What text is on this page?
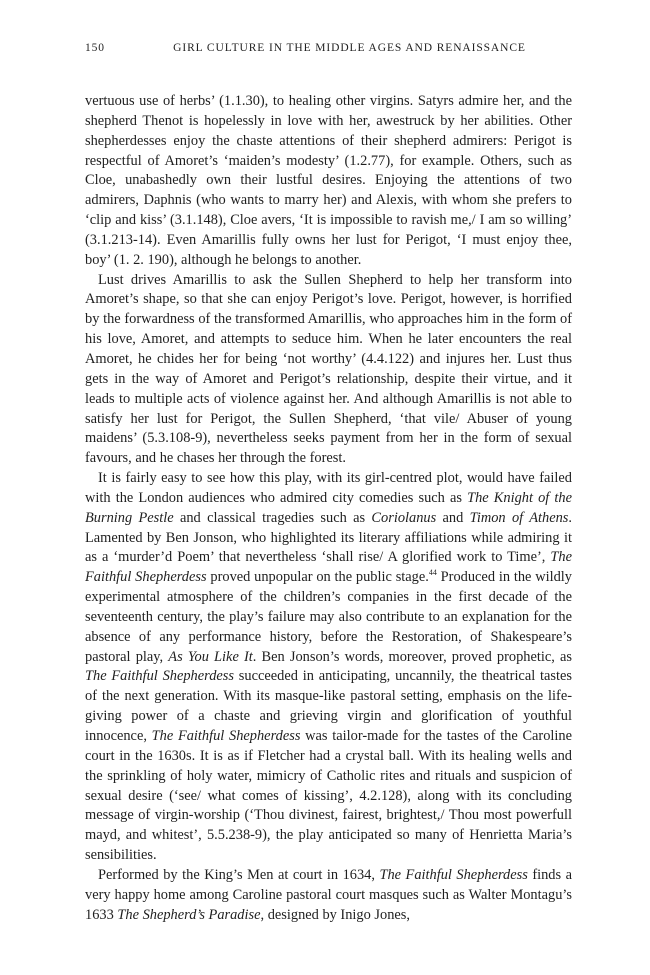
150	GIRL CULTURE IN THE MIDDLE AGES AND RENAISSANCE

vertuous use of herbs’ (1.1.30), to healing other virgins. Satyrs admire her, and the shepherd Thenot is hopelessly in love with her, awestruck by her abilities. Other shepherdesses enjoy the chaste attentions of their shepherd admirers: Perigot is respectful of Amoret’s ‘maiden’s modesty’ (1.2.77), for example. Others, such as Cloe, unabashedly own their lustful desires. Enjoying the attentions of two admirers, Daphnis (who wants to marry her) and Alexis, with whom she prefers to ‘clip and kiss’ (3.1.148), Cloe avers, ‘It is impossible to ravish me,/ I am so willing’ (3.1.213-14). Even Amarillis fully owns her lust for Perigot, ‘I must enjoy thee, boy’ (1. 2. 190), although he belongs to another.

Lust drives Amarillis to ask the Sullen Shepherd to help her transform into Amoret’s shape, so that she can enjoy Perigot’s love. Perigot, however, is horrified by the forwardness of the transformed Amarillis, who approaches him in the form of his love, Amoret, and attempts to seduce him. When he later encounters the real Amoret, he chides her for being ‘not worthy’ (4.4.122) and injures her. Lust thus gets in the way of Amoret and Perigot’s relationship, despite their virtue, and it leads to multiple acts of violence against her. And although Amarillis is not able to satisfy her lust for Perigot, the Sullen Shepherd, ‘that vile/ Abuser of young maidens’ (5.3.108-9), nevertheless seeks payment from her in the form of sexual favours, and he chases her through the forest.

It is fairly easy to see how this play, with its girl-centred plot, would have failed with the London audiences who admired city comedies such as The Knight of the Burning Pestle and classical tragedies such as Coriolanus and Timon of Athens. Lamented by Ben Jonson, who highlighted its literary affiliations while admiring it as a ‘murder’d Poem’ that nevertheless ‘shall rise/ A glorified work to Time’, The Faithful Shepherdess proved unpopular on the public stage.$^{44}$ Produced in the wildly experimental atmosphere of the children’s companies in the first decade of the seventeenth century, the play’s failure may also contribute to an explanation for the absence of any performance history, before the Restoration, of Shakespeare’s pastoral play, As You Like It. Ben Jonson’s words, moreover, proved prophetic, as The Faithful Shepherdess succeeded in anticipating, uncannily, the theatrical tastes of the next generation. With its masque-like pastoral setting, emphasis on the life-giving power of a chaste and grieving virgin and glorification of youthful innocence, The Faithful Shepherdess was tailor-made for the tastes of the Caroline court in the 1630s. It is as if Fletcher had a crystal ball. With its healing wells and the sprinkling of holy water, mimicry of Catholic rites and rituals and suspicion of sexual desire (‘see/ what comes of kissing’, 4.2.128), along with its concluding message of virgin-worship (‘Thou divinest, fairest, brightest,/ Thou most powerfull mayd, and whitest’, 5.5.238-9), the play anticipated so many of Henrietta Maria’s sensibilities.

Performed by the King’s Men at court in 1634, The Faithful Shepherdess finds a very happy home among Caroline pastoral court masques such as Walter Montagu’s 1633 The Shepherd’s Paradise, designed by Inigo Jones,
